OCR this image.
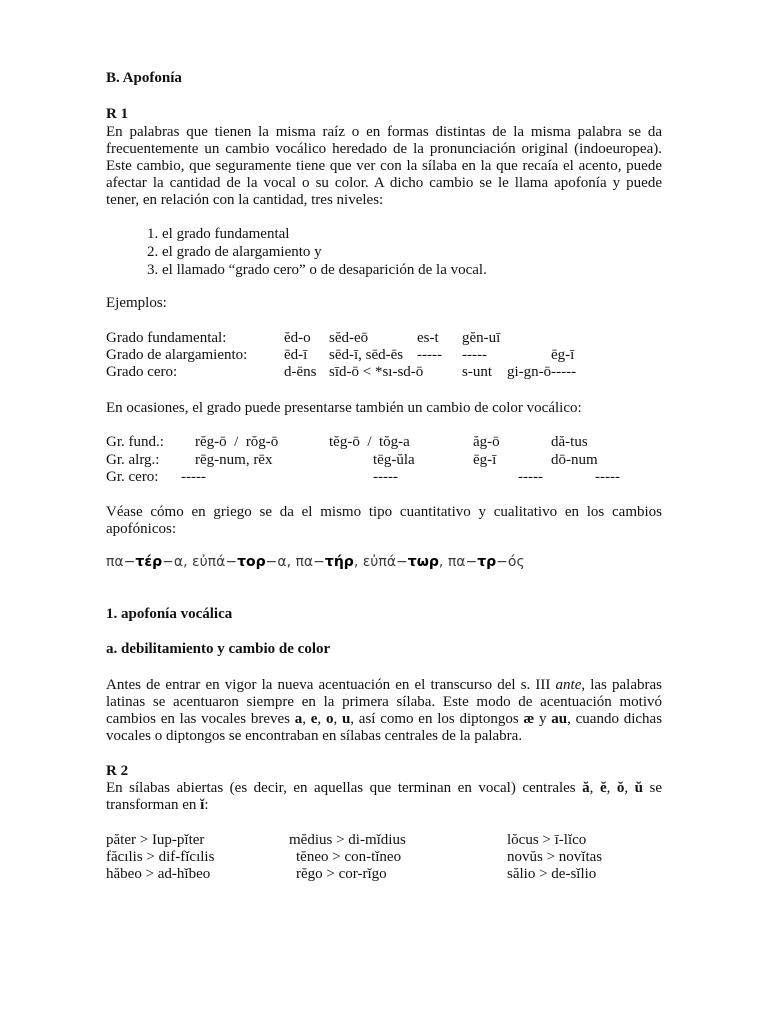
B. Apofonía
R 1
En palabras que tienen la misma raíz o en formas distintas de la misma palabra se da
frecuentemente un cambio vocálico heredado de la pronunciación original (indoeuropea).
Este cambio, que seguramente tiene que ver con la sílaba en la que recaía el acento, puede
afectar la cantidad de la vocal o su color. A dicho cambio se le llama apofonía y puede
tener, en relación con la cantidad, tres niveles:
1. el grado fundamental
2. el grado de alargamiento y
3. el llamado “grado cero” o de desaparición de la vocal.
Ejemplos:
Grado fundamental:	ĕd-o sĕd-eō	es-t gĕn-uī
Grado de alargamiento: ēd-ī sēd-ī, sēd-ēs ----- -----	ēg-ī
Grado cero:	d-ēns sīd-ō < *sı-sd-ō	s-unt gi-gn-ō-----
En ocasiones, el grado puede presentarse también un cambio de color vocálico:
Gr. fund.: rĕg-ō  /  rŏg-ō	tĕg-ō  /  tŏg-a	ăg-ō	dă-tus
Gr. alrg.: rēg-num, rēx	tēg-ŭla	ēg-ī	dō-num
Gr. cero: -----	-----	-----	-----
Véase cómo en griego se da el mismo tipo cuantitativo y cualitativo en los cambios
apofónicos:
πα−τέρ−α, εὐπά−τορ−α, πα−τήρ, εὐπά−τωρ, πα−τρ−ός
1. apofonía vocálica
a. debilitamiento y cambio de color
Antes de entrar en vigor la nueva acentuación en el transcurso del s. III ante, las palabras
latinas se acentuaron siempre en la primera sílaba. Este modo de acentuación motivó
cambios en las vocales breves a, e, o, u, así como en los diptongos æ y au, cuando dichas
vocales o diptongos se encontraban en sílabas centrales de la palabra.
R 2
En sílabas abiertas (es decir, en aquellas que terminan en vocal) centrales ă, ĕ, ŏ, ŭ se
transforman en ĭ:
păter > Iup-pĭter	mĕdius > di-mĭdius	lŏcus > ī-lĭco
făcılis > dif-fĭcılis	tĕneo > con-tĭneo	novŭs > novĭtas
hăbeo > ad-hĭbeo	rĕgo > cor-rĭgo	sălio > de-sĭlio
